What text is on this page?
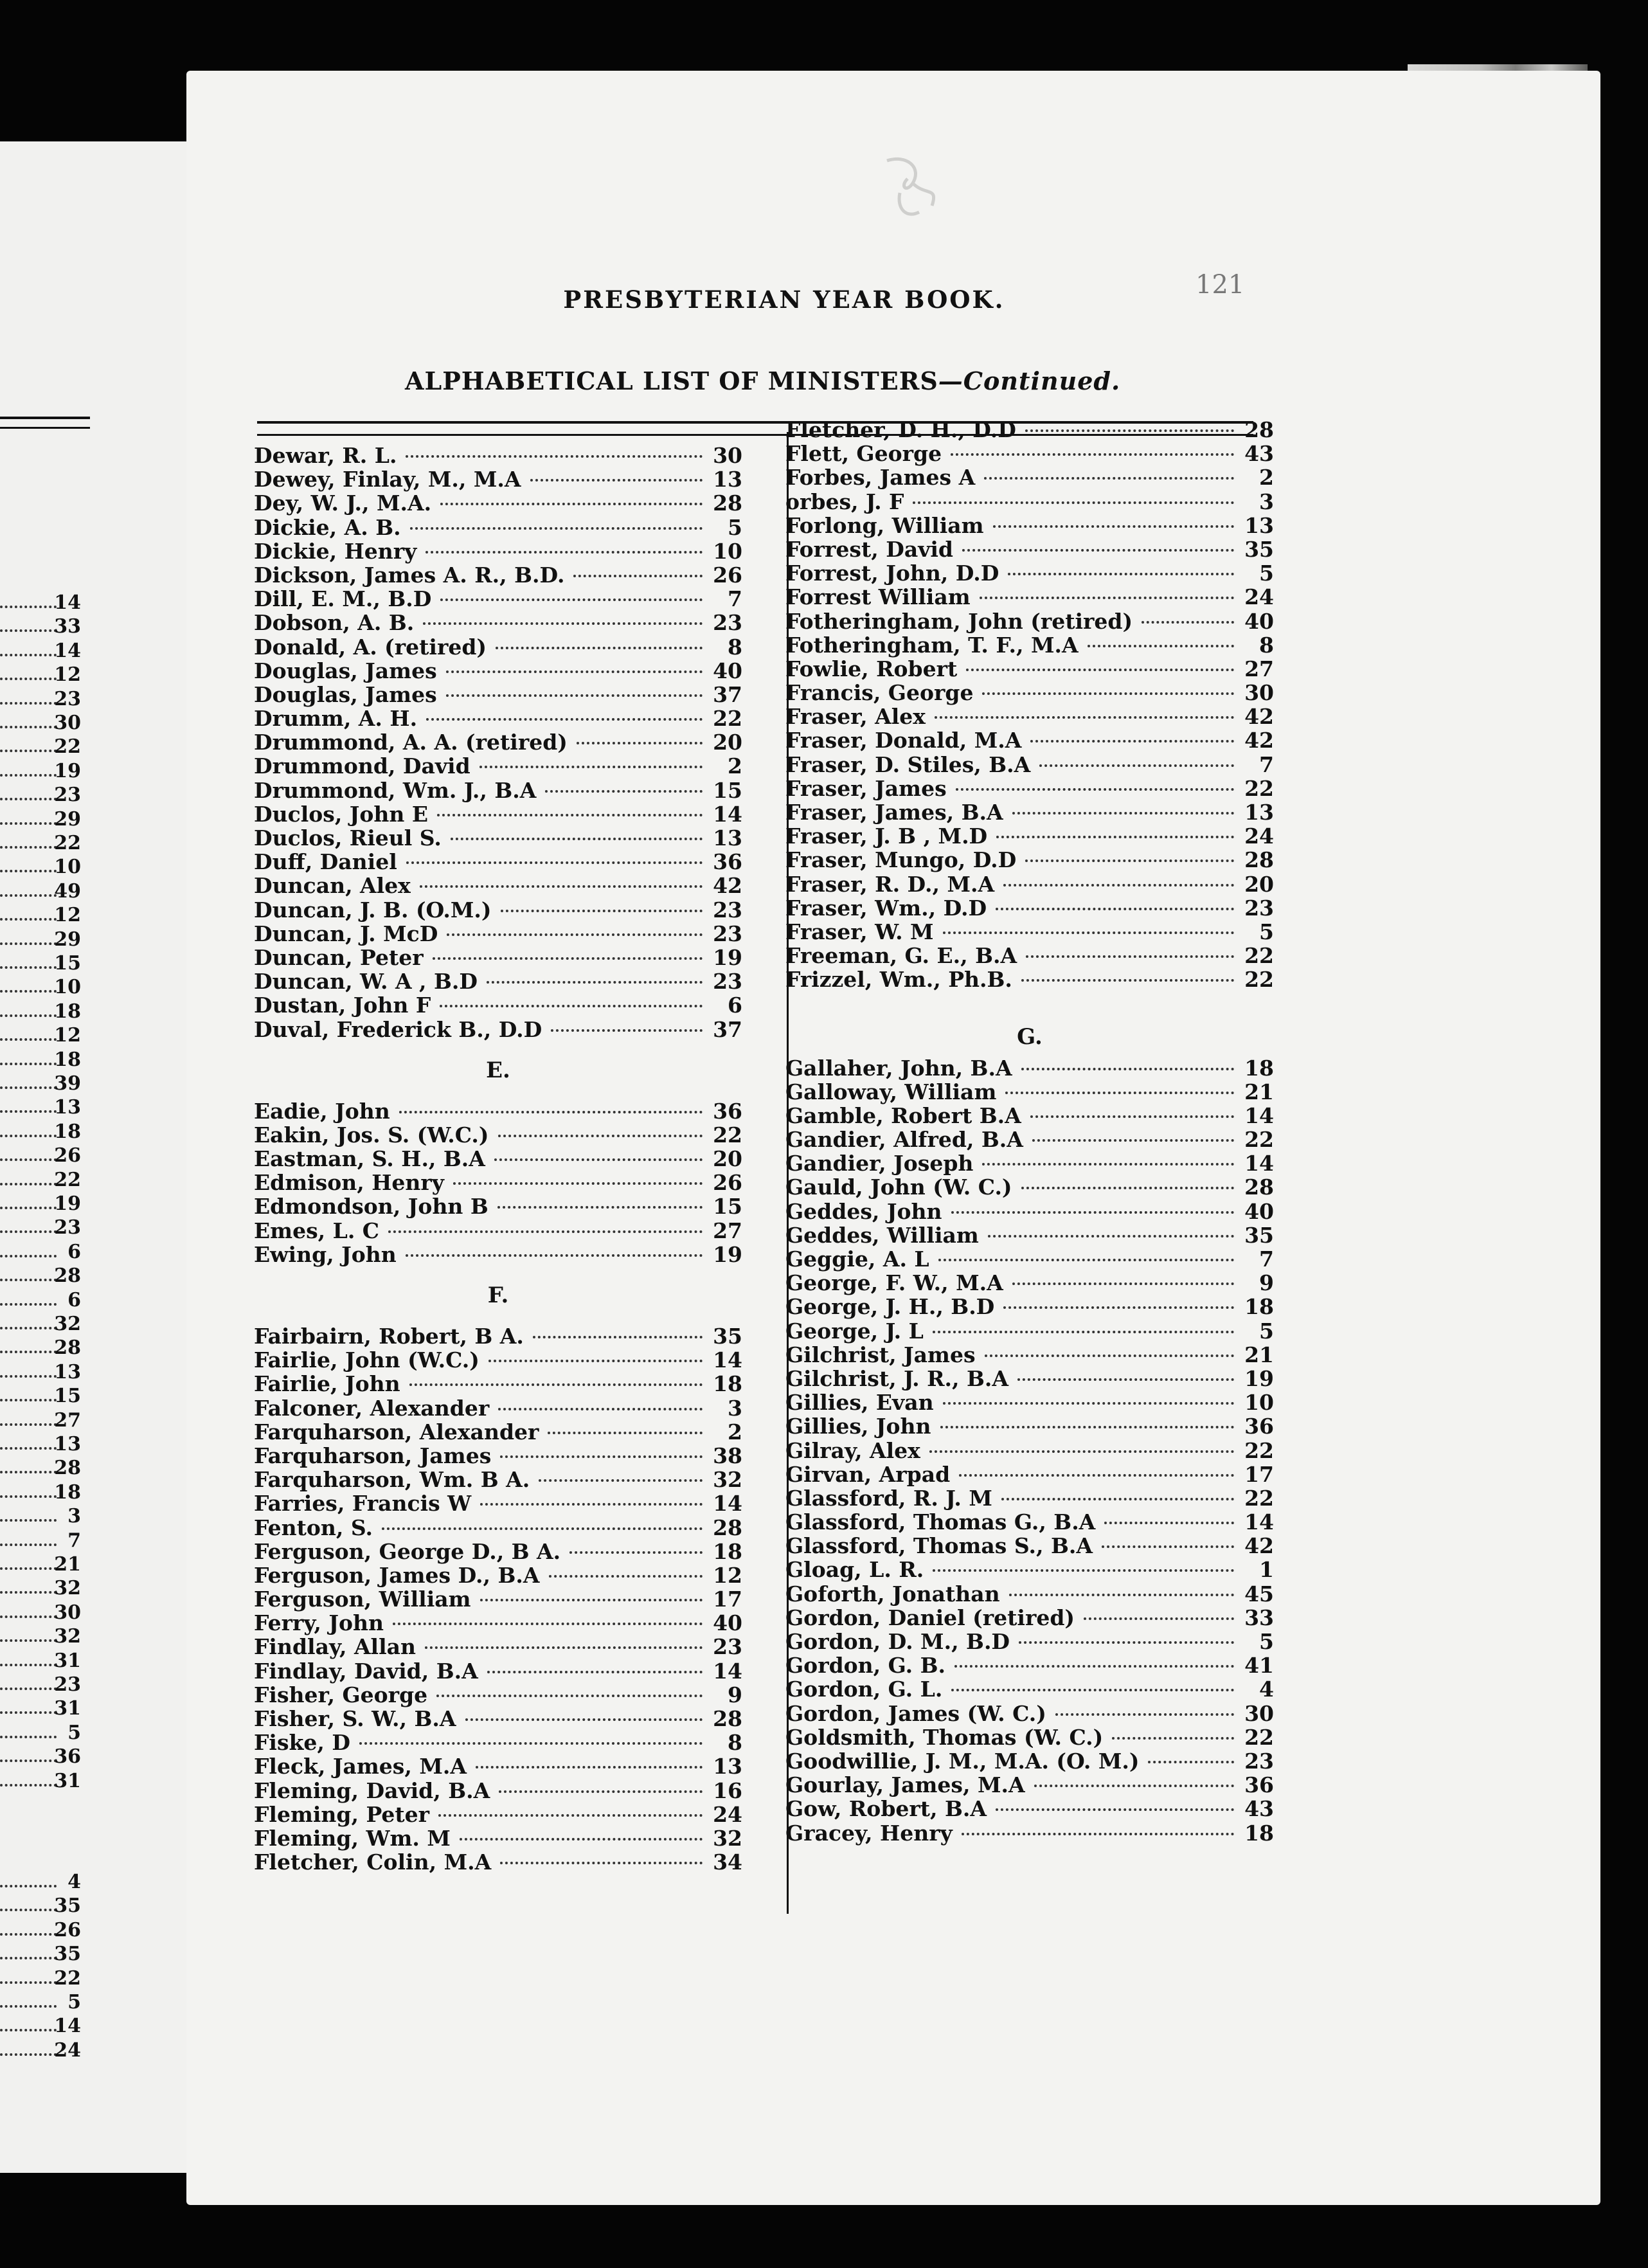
14
33
14
12
23
30
22
19
23
29
22
10
49
12
29
15
10
18
12
18
39
13
18
26
22
19
23
6
28
6
32
28
13
15
27
13
28
18
3
7
21
32
30
32
31
23
31
5
36
31
4
35
26
35
22
5
14
24
PRESBYTERIAN YEAR BOOK.	121
ALPHABETICAL LIST OF MINISTERS—Continued.
Dewar, R. L.	30
Dewey, Finlay, M., M.A	13
Dey, W. J., M.A.	28
Dickie, A. B.	5
Dickie, Henry	10
Dickson, James A. R., B.D.	26
Dill, E. M., B.D	7
Dobson, A. B.	23
Donald, A. (retired)	8
Douglas, James	40
Douglas, James	37
Drumm, A. H.	22
Drummond, A. A. (retired)	20
Drummond, David	2
Drummond, Wm. J., B.A	15
Duclos, John E	14
Duclos, Rieul S.	13
Duff, Daniel	36
Duncan, Alex	42
Duncan, J. B. (O.M.)	23
Duncan, J. McD	23
Duncan, Peter	19
Duncan, W. A , B.D	23
Dustan, John F	6
Duval, Frederick B., D.D	37
E.
Eadie, John	36
Eakin, Jos. S. (W.C.)	22
Eastman, S. H., B.A	20
Edmison, Henry	26
Edmondson, John B	15
Emes, L. C	27
Ewing, John	19
F.
Fairbairn, Robert, B A.	35
Fairlie, John (W.C.)	14
Fairlie, John	18
Falconer, Alexander	3
Farquharson, Alexander	2
Farquharson, James	38
Farquharson, Wm. B A.	32
Farries, Francis W	14
Fenton, S.	28
Ferguson, George D., B A.	18
Ferguson, James D., B.A	12
Ferguson, William	17
Ferry, John	40
Findlay, Allan	23
Findlay, David, B.A	14
Fisher, George	9
Fisher, S. W., B.A	28
Fiske, D	8
Fleck, James, M.A	13
Fleming, David, B.A	16
Fleming, Peter	24
Fleming, Wm. M	32
Fletcher, Colin, M.A	34
Fletcher, D. H., D.D	28
Flett, George	43
Forbes, James A	2
orbes, J. F	3
Forlong, William	13
Forrest, David	35
Forrest, John, D.D	5
Forrest William	24
Fotheringham, John (retired)	40
Fotheringham, T. F., M.A	8
Fowlie, Robert	27
Francis, George	30
Fraser, Alex	42
Fraser, Donald, M.A	42
Fraser, D. Stiles, B.A	7
Fraser, James	22
Fraser, James, B.A	13
Fraser, J. B , M.D	24
Fraser, Mungo, D.D	28
Fraser, R. D., M.A	20
Fraser, Wm., D.D	23
Fraser, W. M	5
Freeman, G. E., B.A	22
Frizzel, Wm., Ph.B.	22
G.
Gallaher, John, B.A	18
Galloway, William	21
Gamble, Robert B.A	14
Gandier, Alfred, B.A	22
Gandier, Joseph	14
Gauld, John (W. C.)	28
Geddes, John	40
Geddes, William	35
Geggie, A. L	7
George, F. W., M.A	9
George, J. H., B.D	18
George, J. L	5
Gilchrist, James	21
Gilchrist, J. R., B.A	19
Gillies, Evan	10
Gillies, John	36
Gilray, Alex	22
Girvan, Arpad	17
Glassford, R. J. M	22
Glassford, Thomas G., B.A	14
Glassford, Thomas S., B.A	42
Gloag, L. R.	1
Goforth, Jonathan	45
Gordon, Daniel (retired)	33
Gordon, D. M., B.D	5
Gordon, G. B.	41
Gordon, G. L.	4
Gordon, James (W. C.)	30
Goldsmith, Thomas (W. C.)	22
Goodwillie, J. M., M.A. (O. M.)	23
Gourlay, James, M.A	36
Gow, Robert, B.A	43
Gracey, Henry	18
